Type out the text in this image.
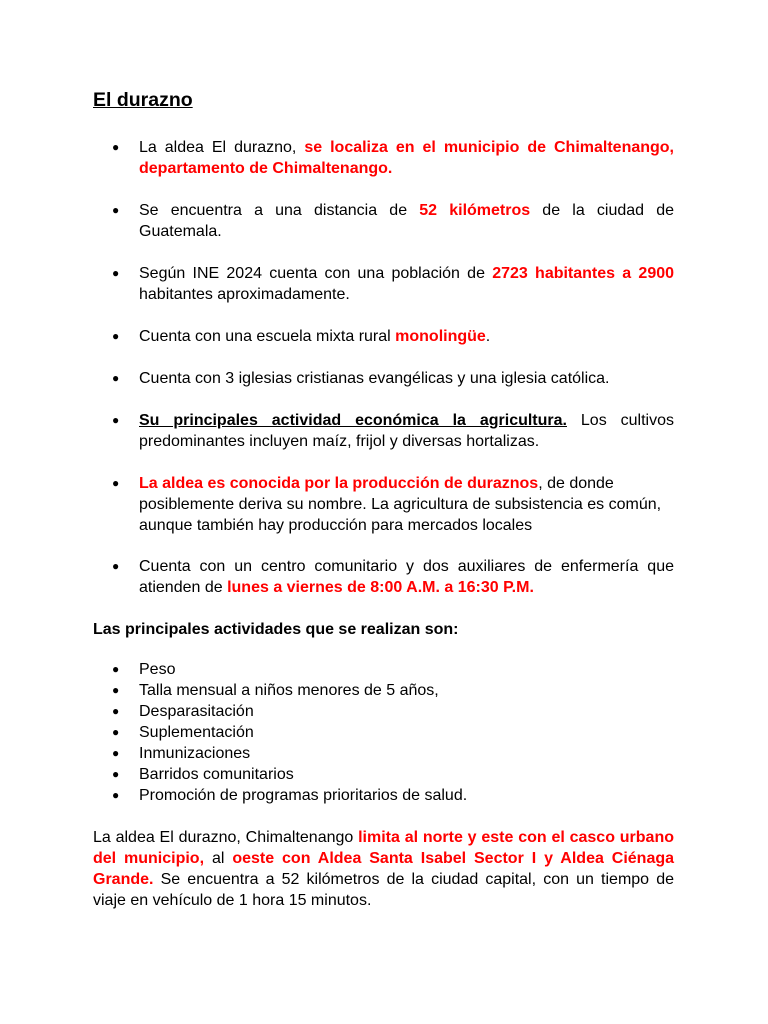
El durazno
●	La aldea El durazno, se localiza en el municipio de Chimaltenango, departamento de Chimaltenango.
●	Se encuentra a una distancia de 52 kilómetros de la ciudad de Guatemala.
●	Según INE 2024 cuenta con una población de 2723 habitantes a 2900 habitantes aproximadamente.
●	Cuenta con una escuela mixta rural monolingüe.
●	Cuenta con 3 iglesias cristianas evangélicas y una iglesia católica.
●	Su principales actividad económica la agricultura. Los cultivos predominantes incluyen maíz, frijol y diversas hortalizas.
●	La aldea es conocida por la producción de duraznos, de donde posiblemente deriva su nombre. La agricultura de subsistencia es común, aunque también hay producción para mercados locales
●	Cuenta con un centro comunitario y dos auxiliares de enfermería que atienden de lunes a viernes de 8:00 A.M. a 16:30 P.M.
Las principales actividades que se realizan son:
●	Peso
●	Talla mensual a niños menores de 5 años,
●	Desparasitación
●	Suplementación
●	Inmunizaciones
●	Barridos comunitarios
●	Promoción de programas prioritarios de salud.

La aldea El durazno, Chimaltenango limita al norte y este con el casco urbano del municipio, al oeste con Aldea Santa Isabel Sector I y Aldea Ciénaga Grande. Se encuentra a 52 kilómetros de la ciudad capital, con un tiempo de viaje en vehículo de 1 hora 15 minutos.
